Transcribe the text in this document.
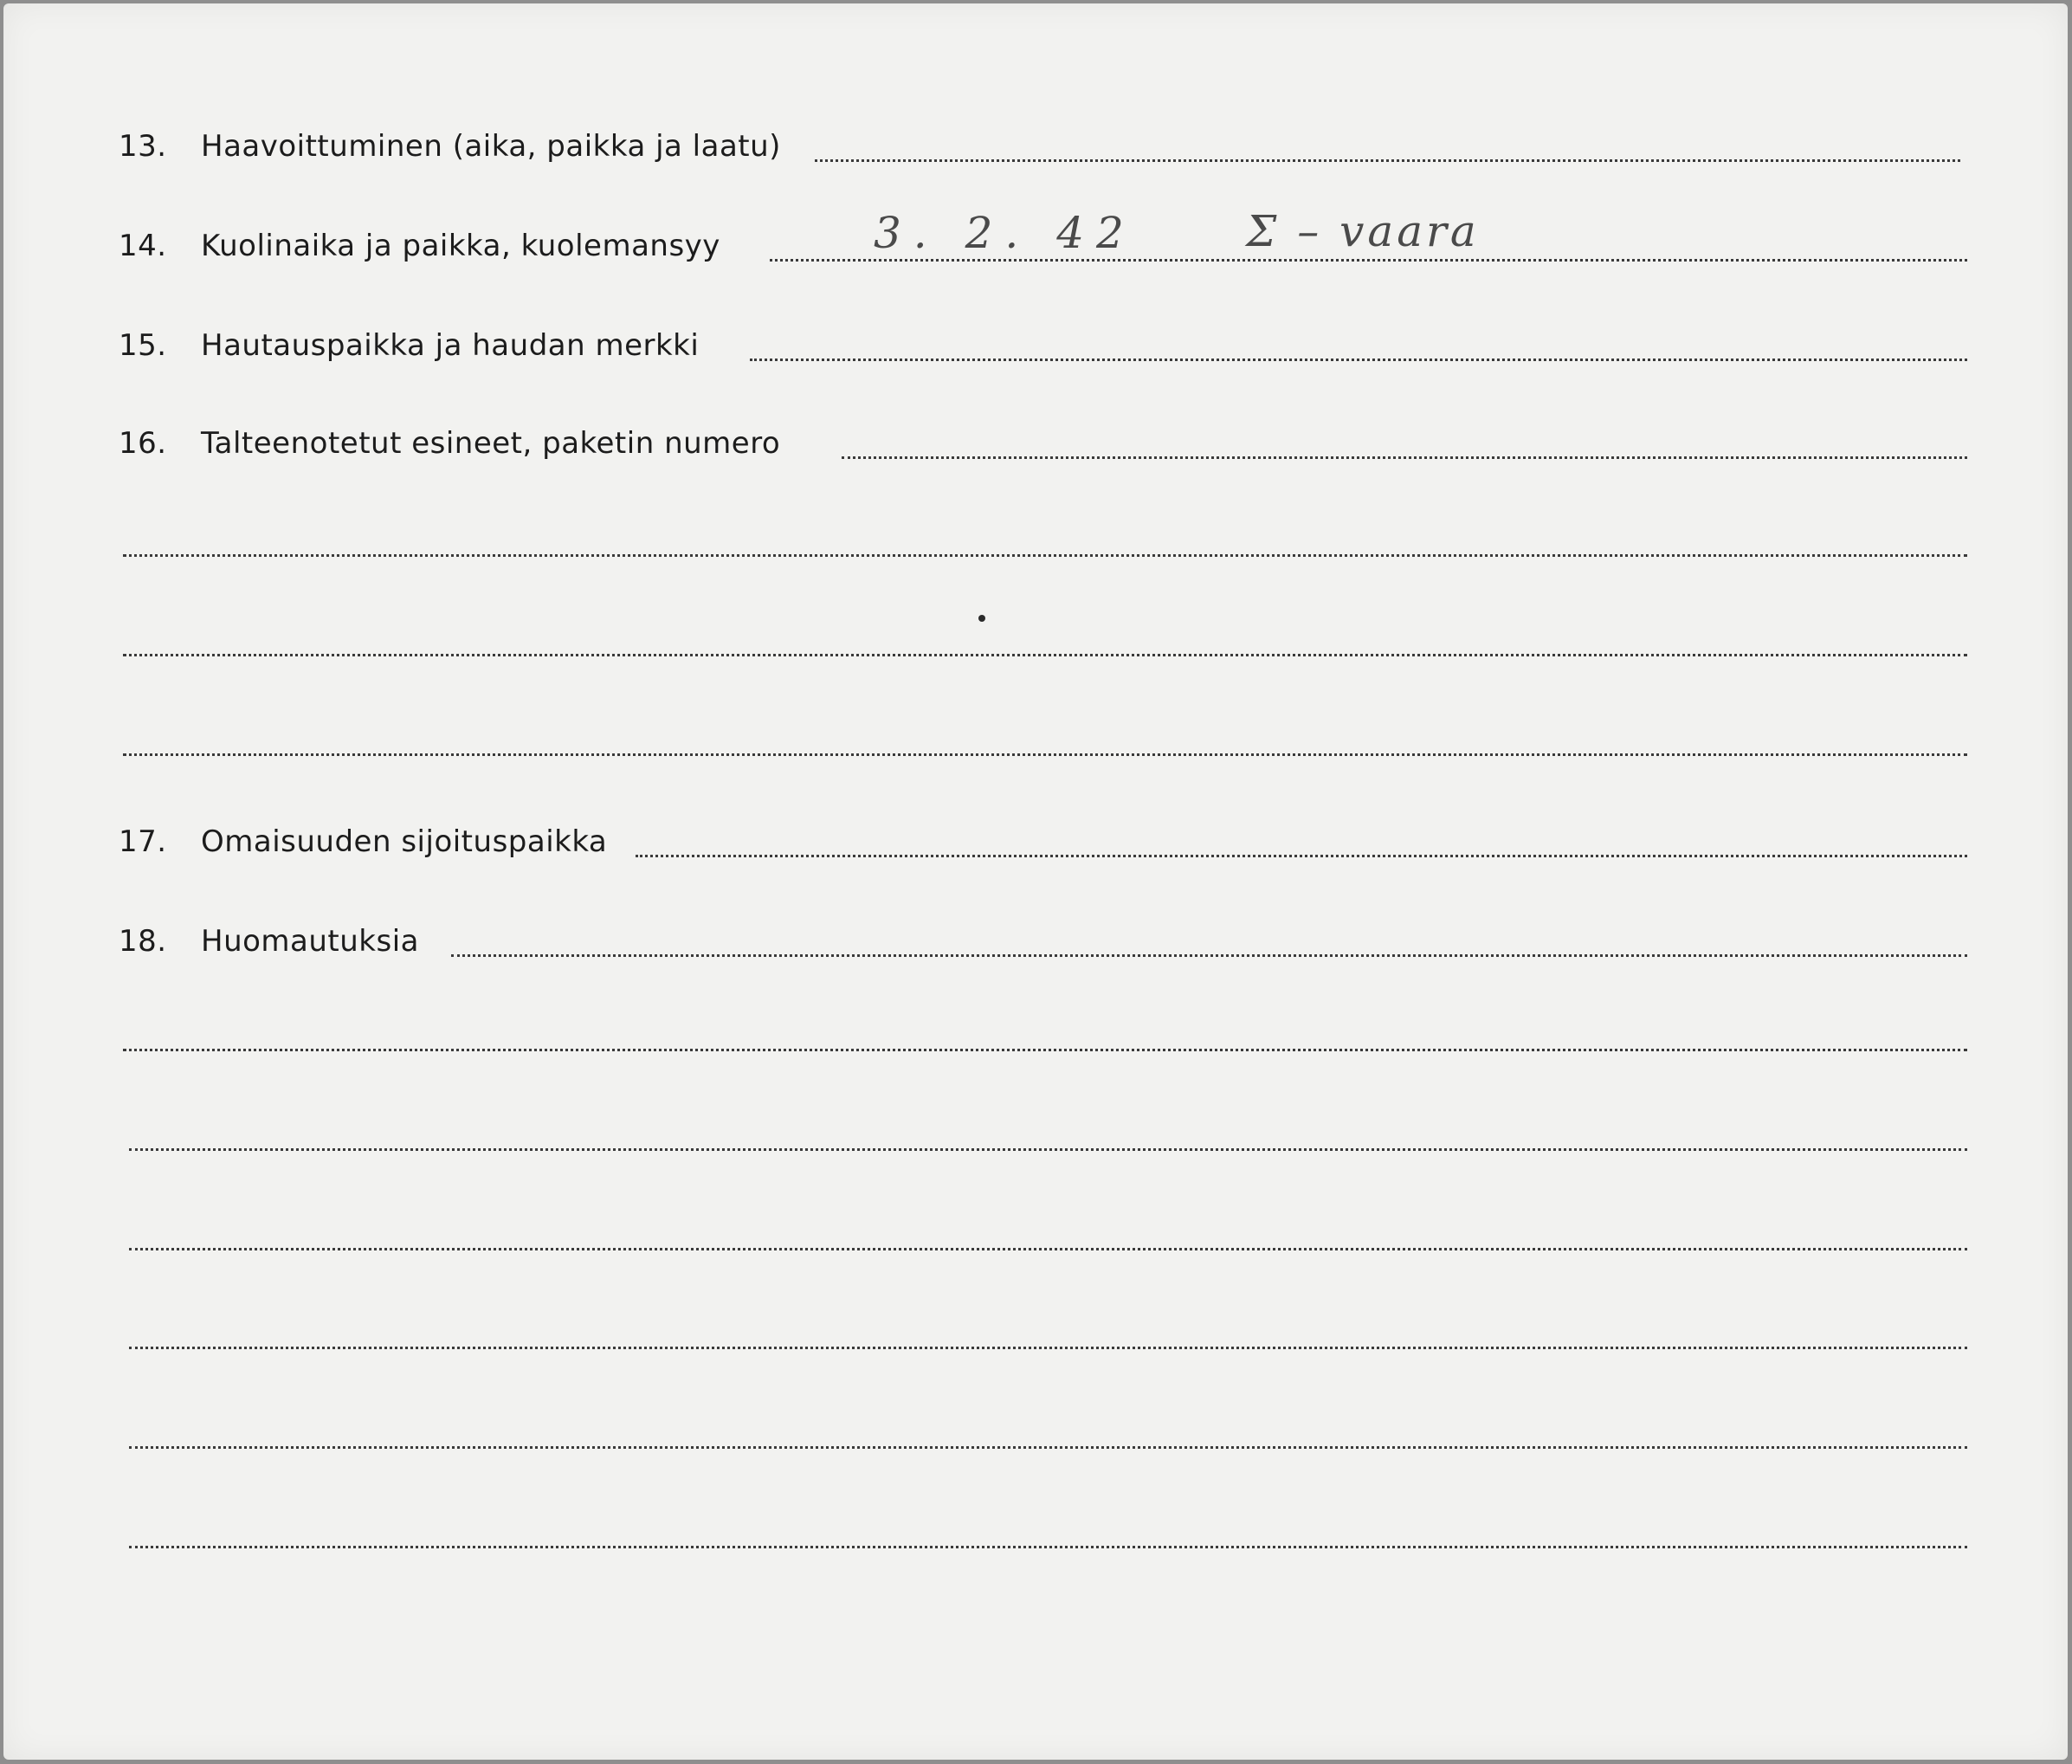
13. Haavoittuminen (aika, paikka ja laatu)
14. Kuolinaika ja paikka, kuolemansyy	3. 2. 42	Σ – vaara
15. Hautauspaikka ja haudan merkki
16. Talteenotetut esineet, paketin numero
17. Omaisuuden sijoituspaikka
18. Huomautuksia
